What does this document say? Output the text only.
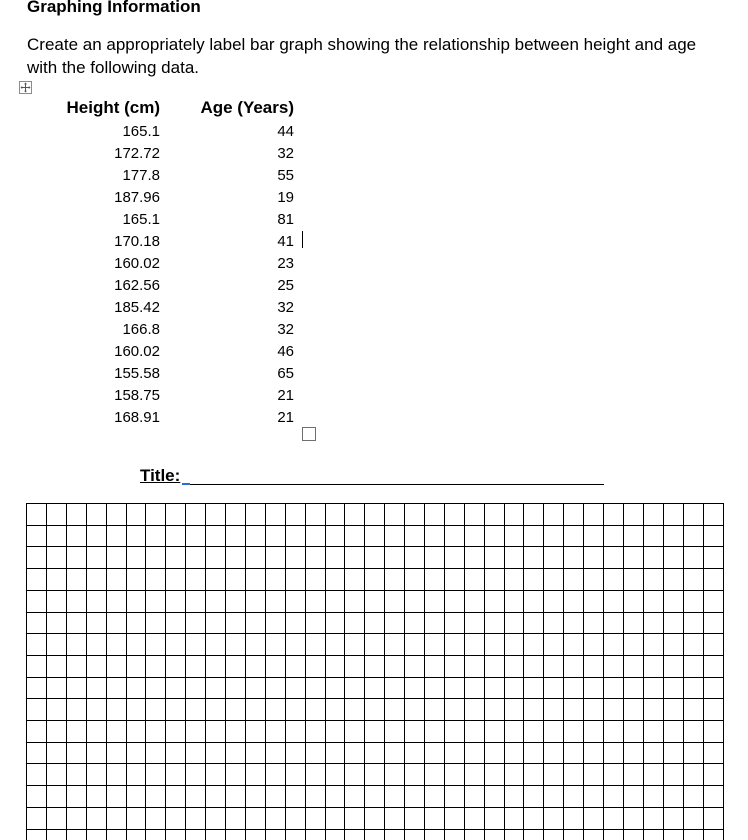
Graphing Information
Create an appropriately label bar graph showing the relationship between height and age with the following data.
Height (cm)	Age (Years)
165.1	44
172.72	32
177.8	55
187.96	19
165.1	81
170.18	41
160.02	23
162.56	25
185.42	32
166.8	32
160.02	46
155.58	65
158.75	21
168.91	21
Title:
